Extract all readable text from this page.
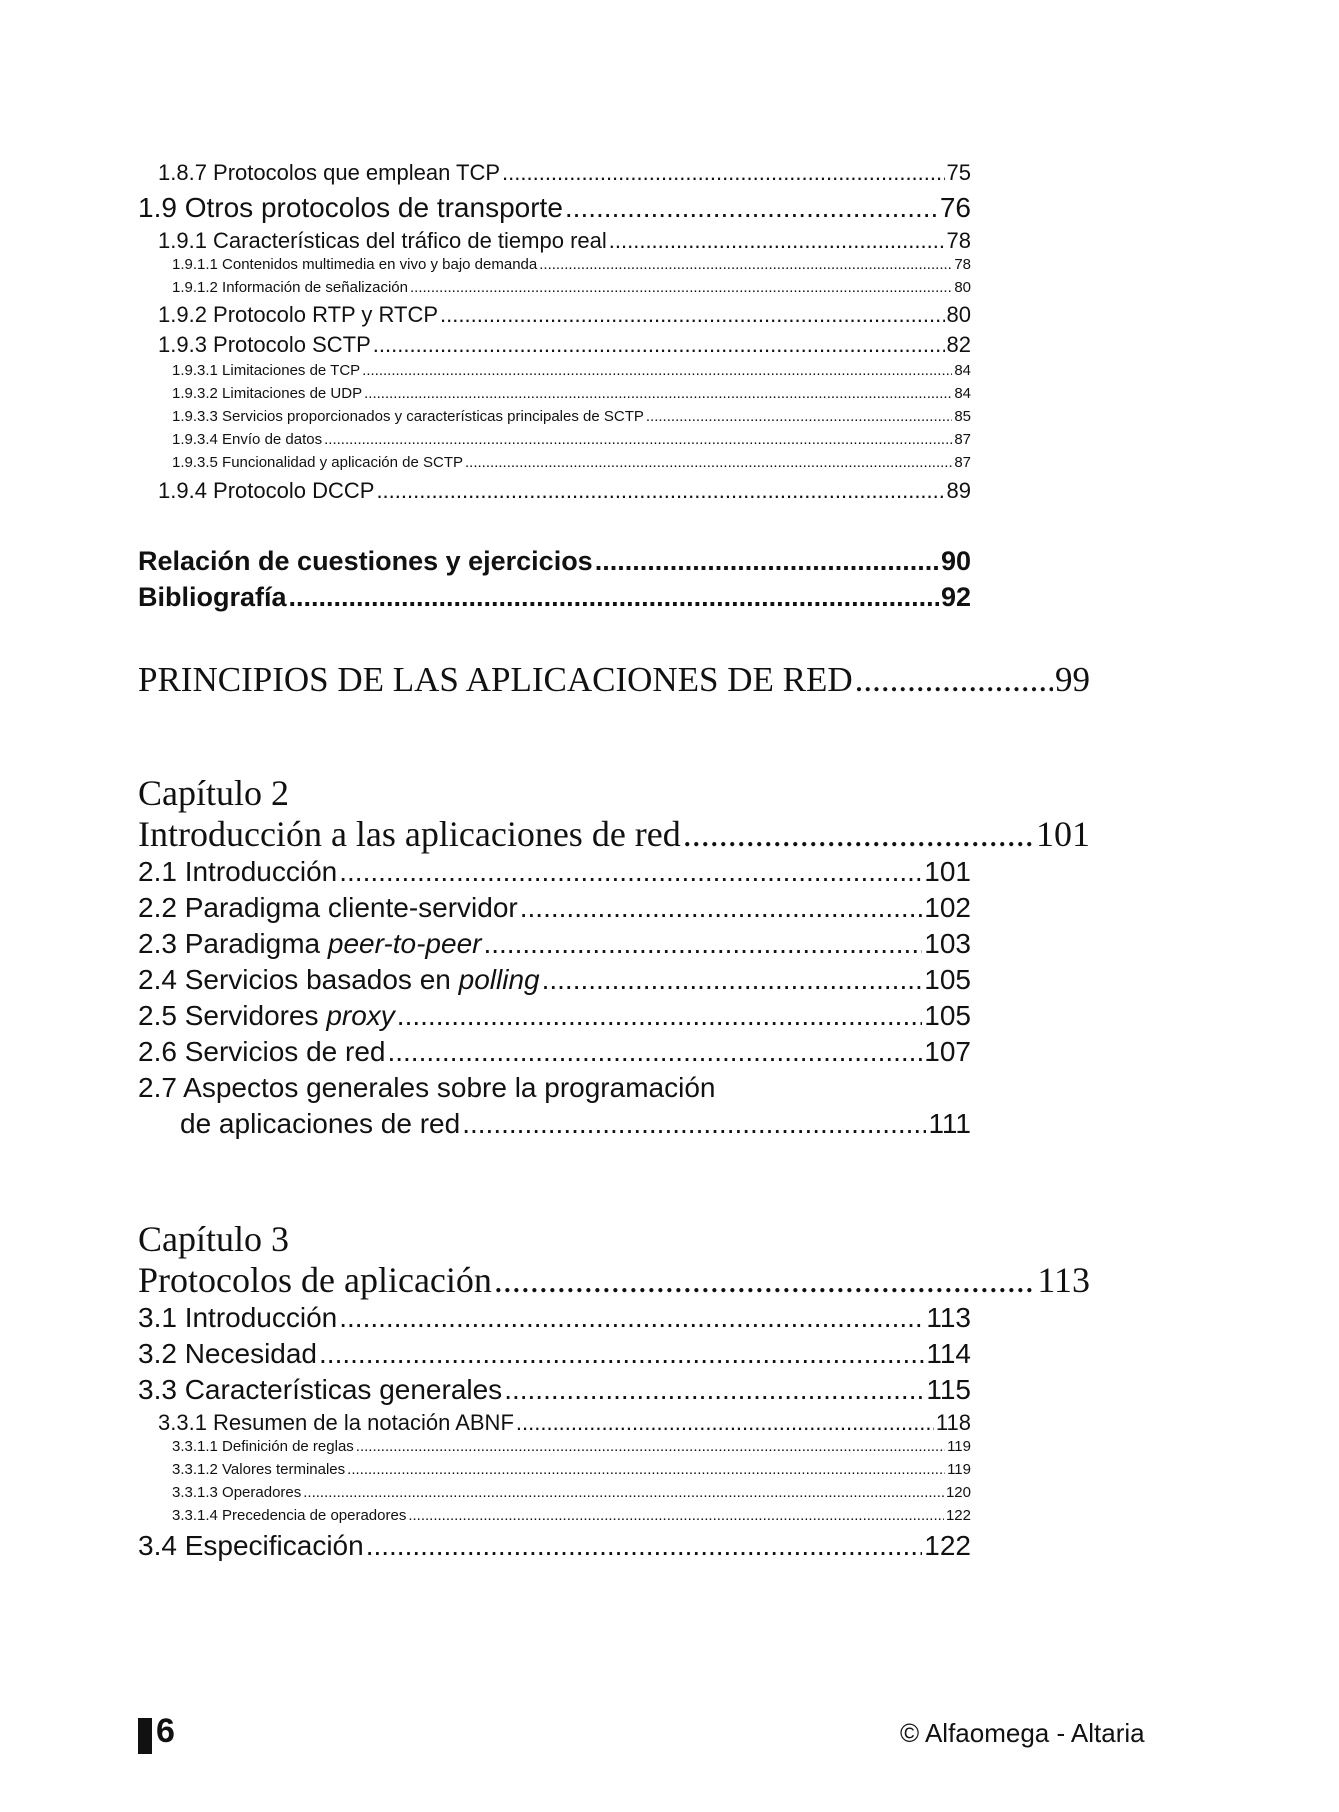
1.8.7 Protocolos que emplean TCP .....	75
1.9 Otros protocolos de transporte .....	76
1.9.1 Características del tráfico de tiempo real .....	78
1.9.1.1 Contenidos multimedia en vivo y bajo demanda .....	78
1.9.1.2 Información de señalización .....	80
1.9.2 Protocolo RTP y RTCP .....	80
1.9.3 Protocolo SCTP .....	82
1.9.3.1 Limitaciones de TCP .....	84
1.9.3.2 Limitaciones de UDP .....	84
1.9.3.3 Servicios proporcionados y características principales de SCTP .....	85
1.9.3.4 Envío de datos .....	87
1.9.3.5 Funcionalidad y aplicación de SCTP .....	87
1.9.4 Protocolo DCCP .....	89
Relación de cuestiones y ejercicios .....	90
Bibliografía .....	92
PRINCIPIOS DE LAS APLICACIONES DE RED .....	99
Capítulo 2
Introducción a las aplicaciones de red .....	101
2.1 Introducción .....	101
2.2 Paradigma cliente-servidor .....	102
2.3 Paradigma peer-to-peer .....	103
2.4 Servicios basados en polling .....	105
2.5 Servidores proxy .....	105
2.6 Servicios de red .....	107
2.7 Aspectos generales sobre la programación
de aplicaciones de red .....	111
Capítulo 3
Protocolos de aplicación .....	113
3.1 Introducción .....	113
3.2 Necesidad .....	114
3.3 Características generales .....	115
3.3.1 Resumen de la notación ABNF .....	118
3.3.1.1 Definición de reglas .....	119
3.3.1.2 Valores terminales .....	119
3.3.1.3 Operadores .....	120
3.3.1.4 Precedencia de operadores .....	122
3.4 Especificación .....	122
6	© Alfaomega - Altaria
